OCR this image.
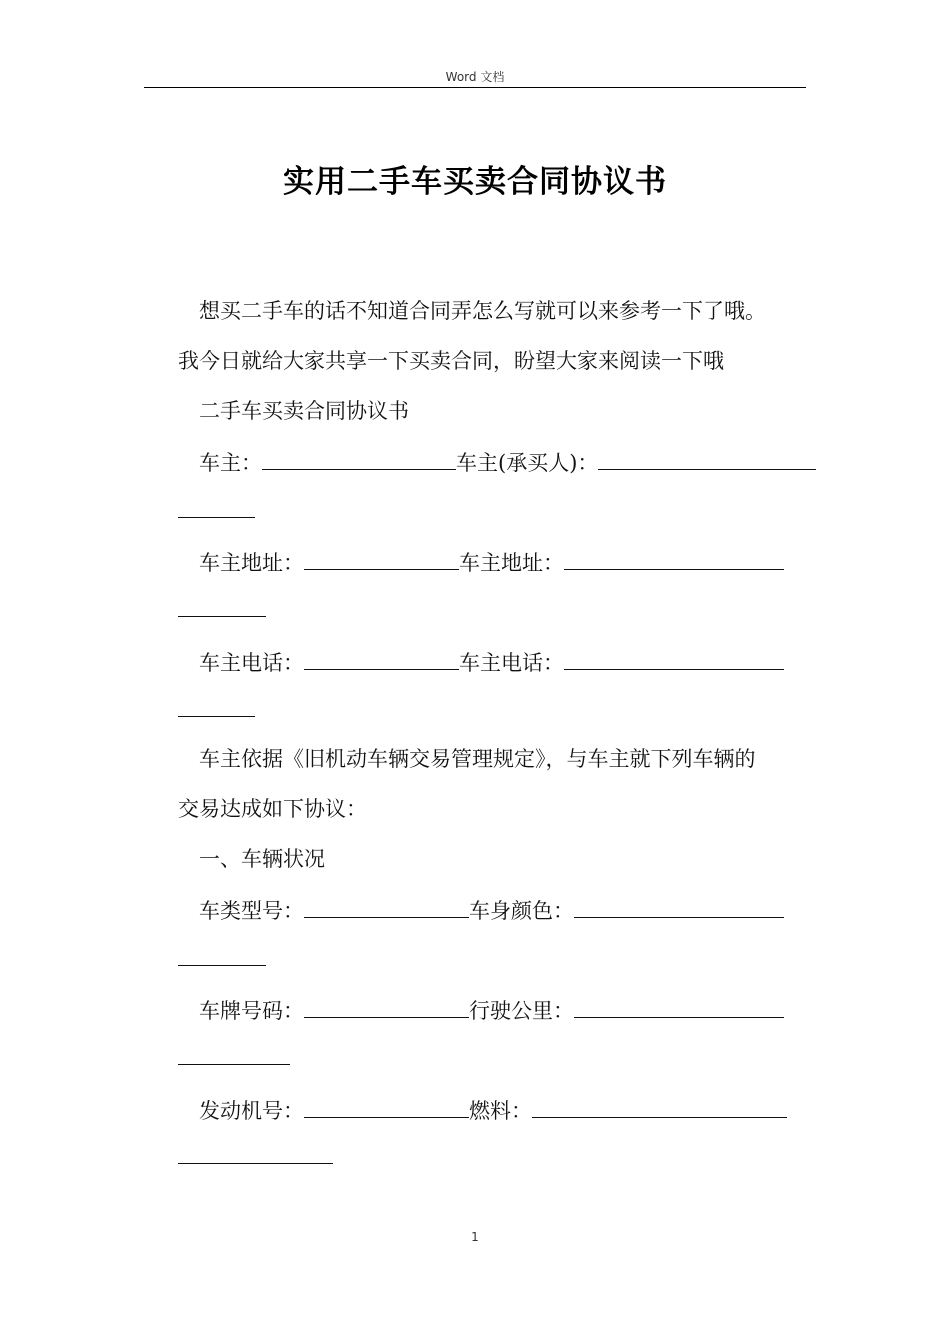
Word 文档
实用二手车买卖合同协议书
想买二手车的话不知道合同弄怎么写就可以来参考一下了哦。
我今日就给大家共享一下买卖合同，盼望大家来阅读一下哦
二手车买卖合同协议书
车主：	车主(承买人)：
车主地址：	车主地址：
车主电话：	车主电话：
车主依据《旧机动车辆交易管理规定》，与车主就下列车辆的
交易达成如下协议：
一、车辆状况
车类型号：	车身颜色：
车牌号码：	行驶公里：
发动机号：	燃料：
1
